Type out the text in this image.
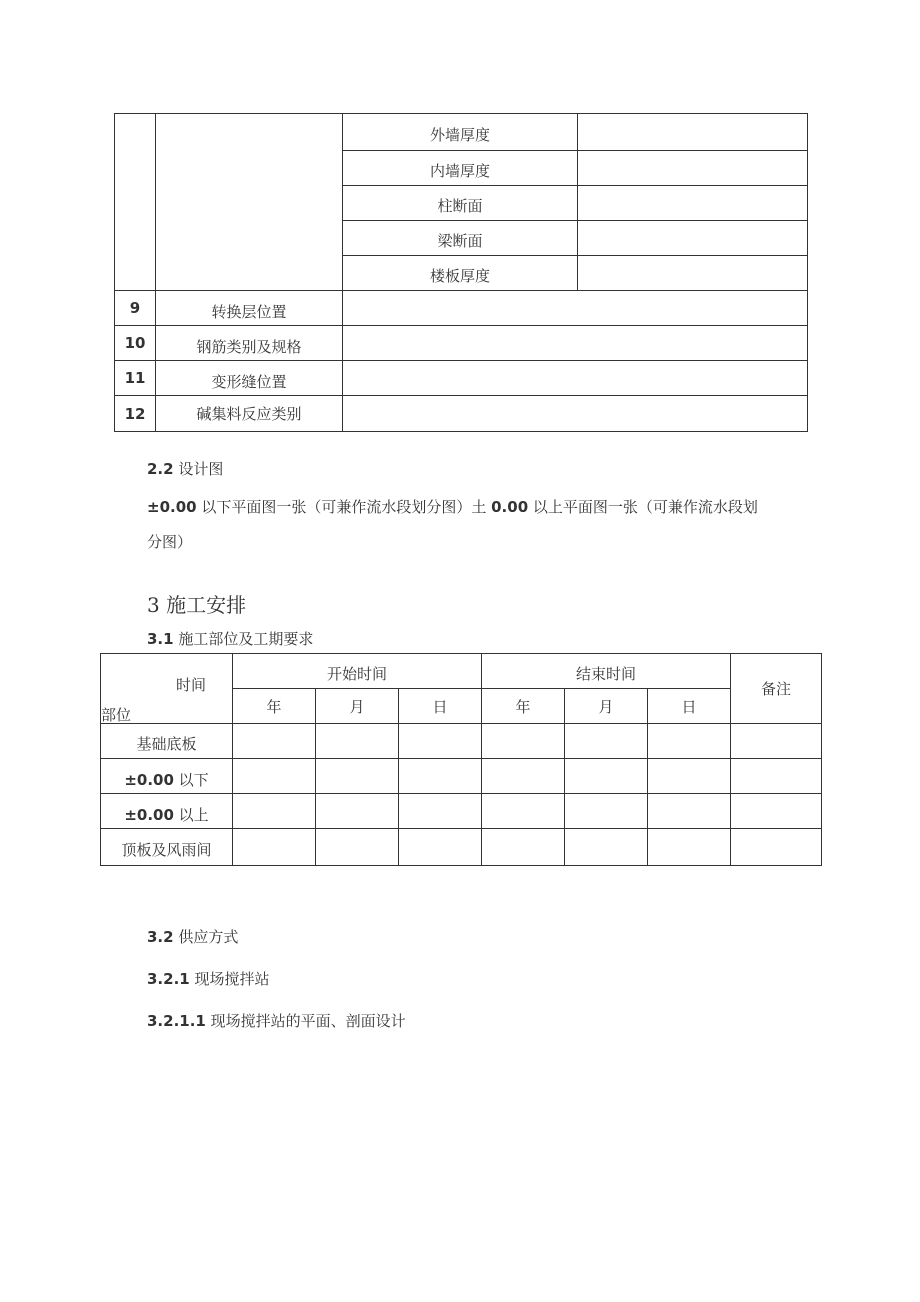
		外墙厚度	
		内墙厚度	
		柱断面	
		梁断面	
		楼板厚度	
9	转换层位置		
10	钢筋类别及规格		
11	变形缝位置		
12	碱集料反应类别		
2.2 设计图
±0.00 以下平面图一张（可兼作流水段划分图）土 0.00 以上平面图一张（可兼作流水段划
分图）
3 施工安排
3.1 施工部位及工期要求
时间
部位	开始时间			结束时间			备注
	年	月	日	年	月	日	
基础底板							
±0.00 以下							
±0.00 以上							
顶板及风雨间							
3.2 供应方式
3.2.1 现场搅拌站
3.2.1.1 现场搅拌站的平面、剖面设计
